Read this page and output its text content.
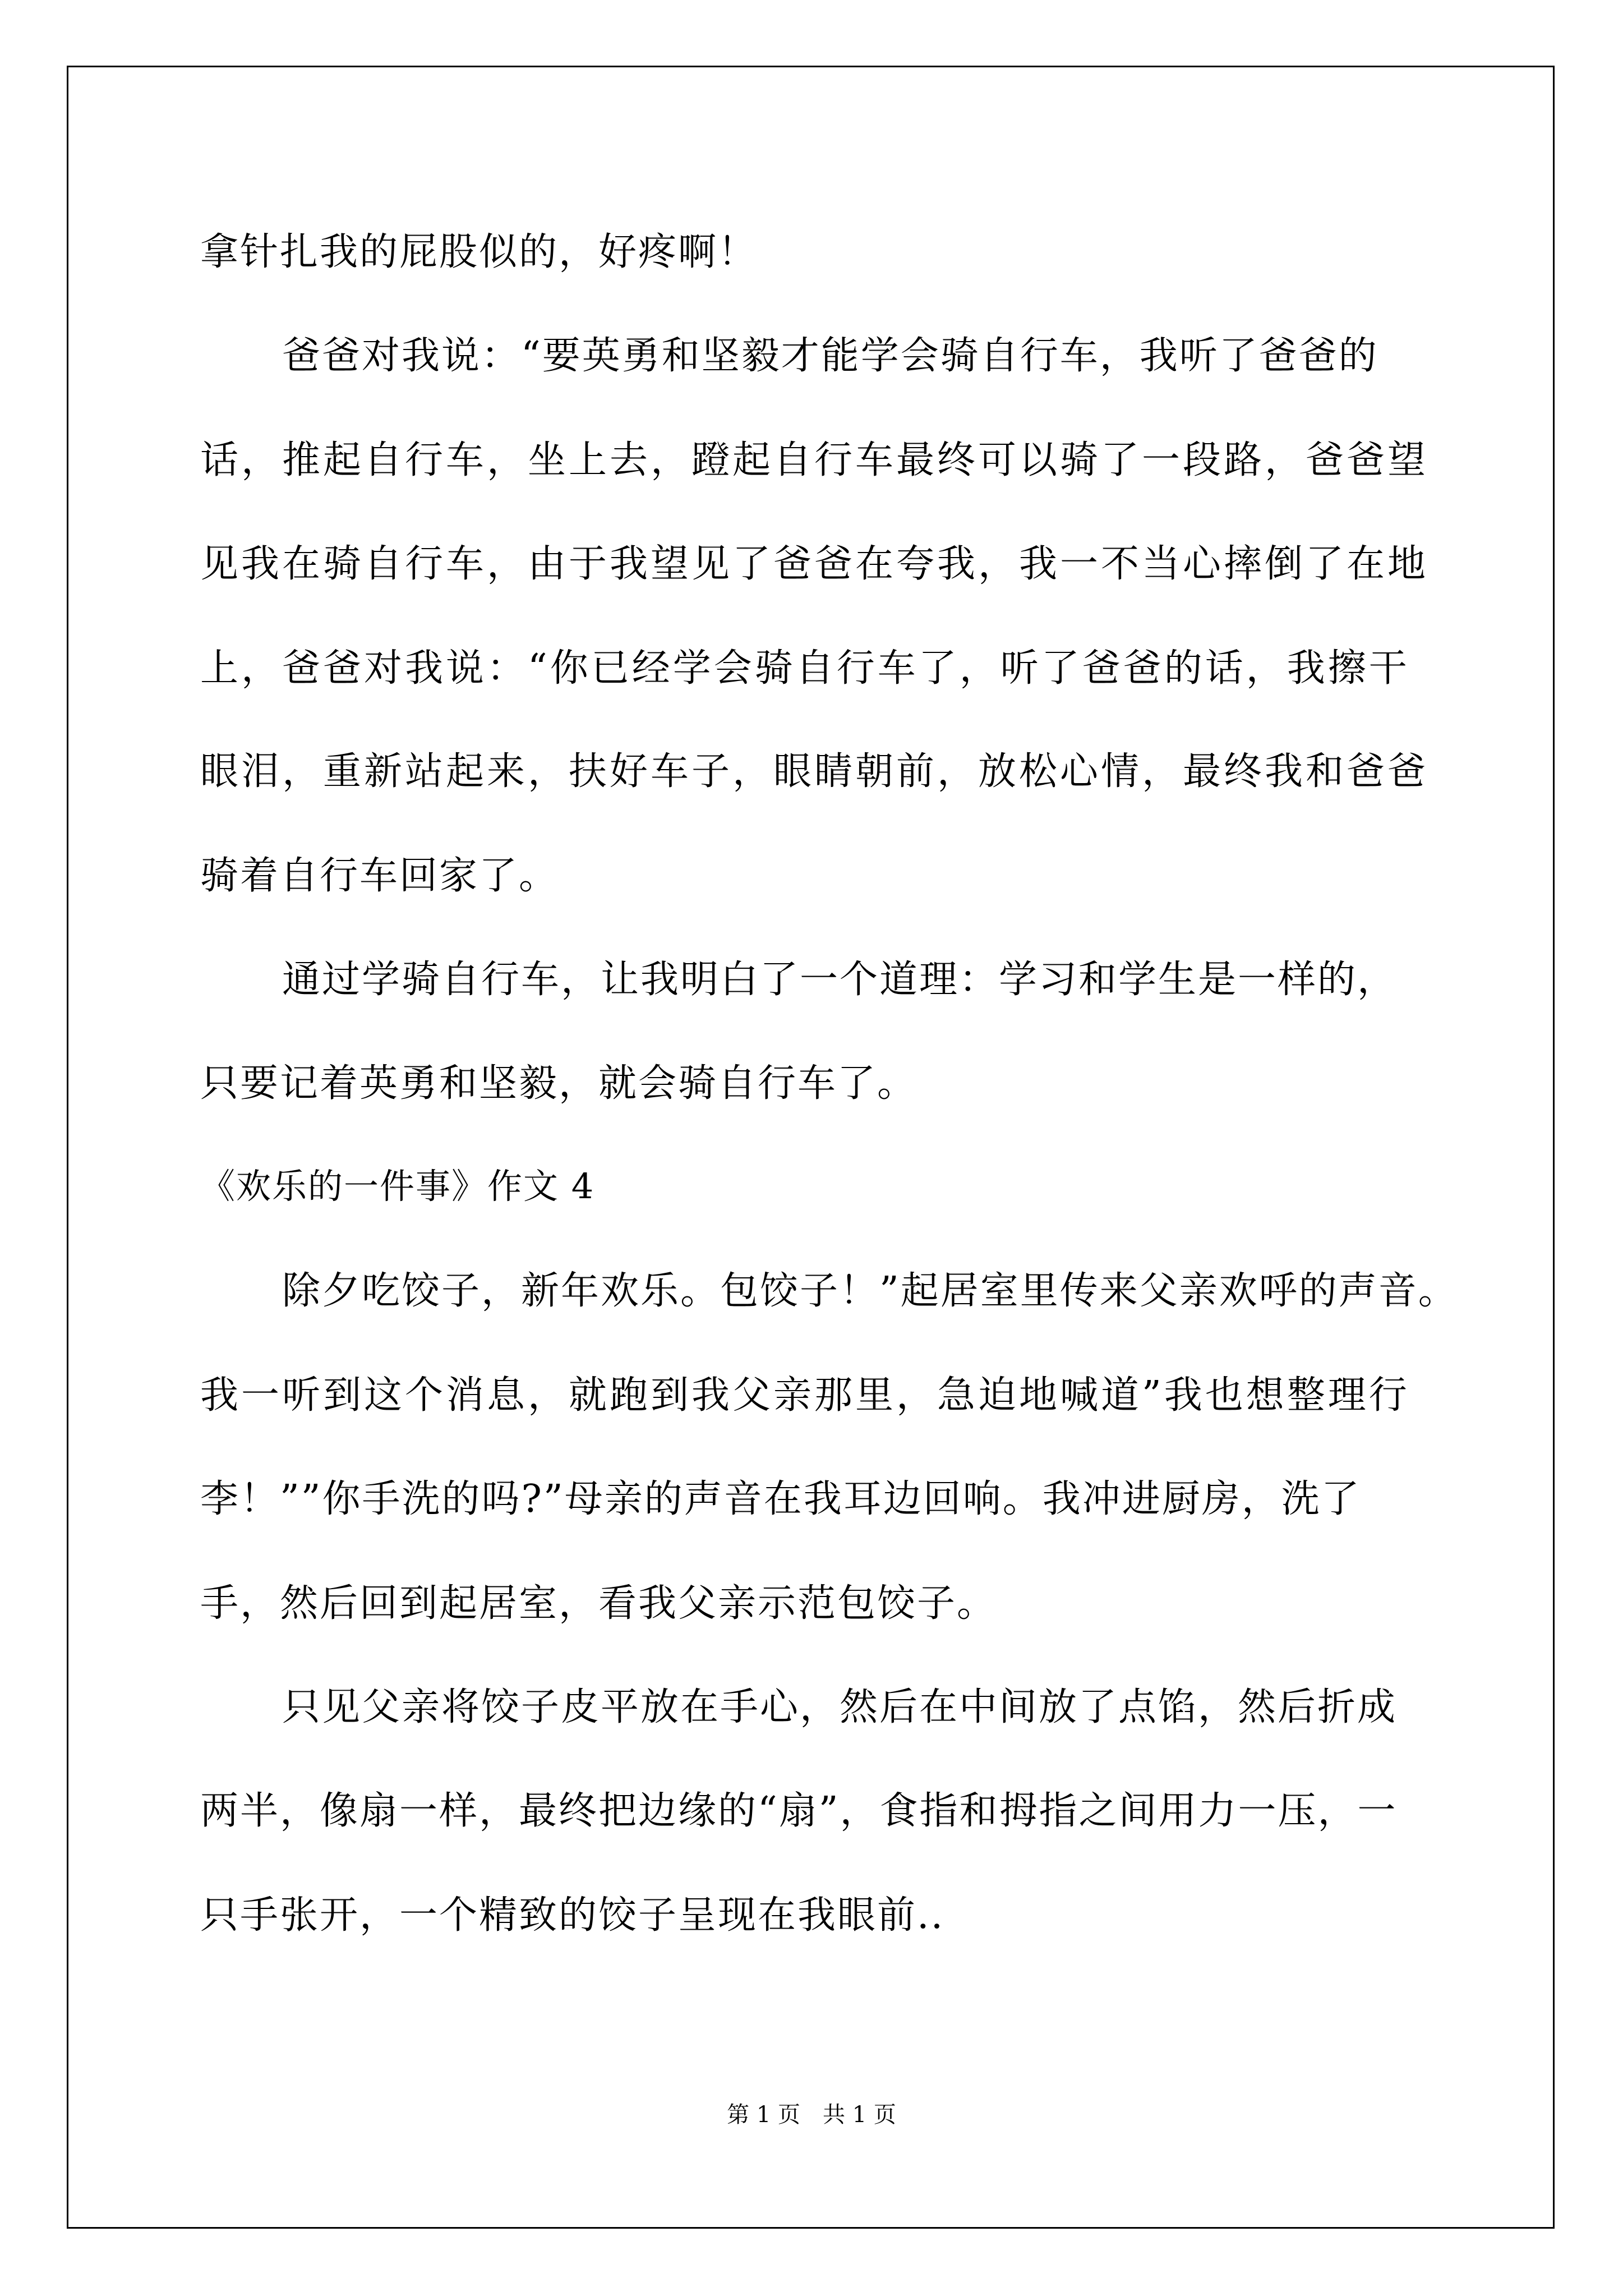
拿针扎我的屁股似的，好疼啊！
爸爸对我说：“要英勇和坚毅才能学会骑自行车，我听了爸爸的
话，推起自行车，坐上去，蹬起自行车最终可以骑了一段路，爸爸望
见我在骑自行车，由于我望见了爸爸在夸我，我一不当心摔倒了在地
上，爸爸对我说：“你已经学会骑自行车了，听了爸爸的话，我擦干
眼泪，重新站起来，扶好车子，眼睛朝前，放松心情，最终我和爸爸
骑着自行车回家了。
通过学骑自行车，让我明白了一个道理：学习和学生是一样的，
只要记着英勇和坚毅，就会骑自行车了。
《欢乐的一件事》作文 4
除夕吃饺子，新年欢乐。包饺子！”起居室里传来父亲欢呼的声音。
我一听到这个消息，就跑到我父亲那里，急迫地喊道”我也想整理行
李！””你手洗的吗?”母亲的声音在我耳边回响。我冲进厨房，洗了
手，然后回到起居室，看我父亲示范包饺子。
只见父亲将饺子皮平放在手心，然后在中间放了点馅，然后折成
两半，像扇一样，最终把边缘的“扇”，食指和拇指之间用力一压，一
只手张开，一个精致的饺子呈现在我眼前..
第 1 页　共 1 页
